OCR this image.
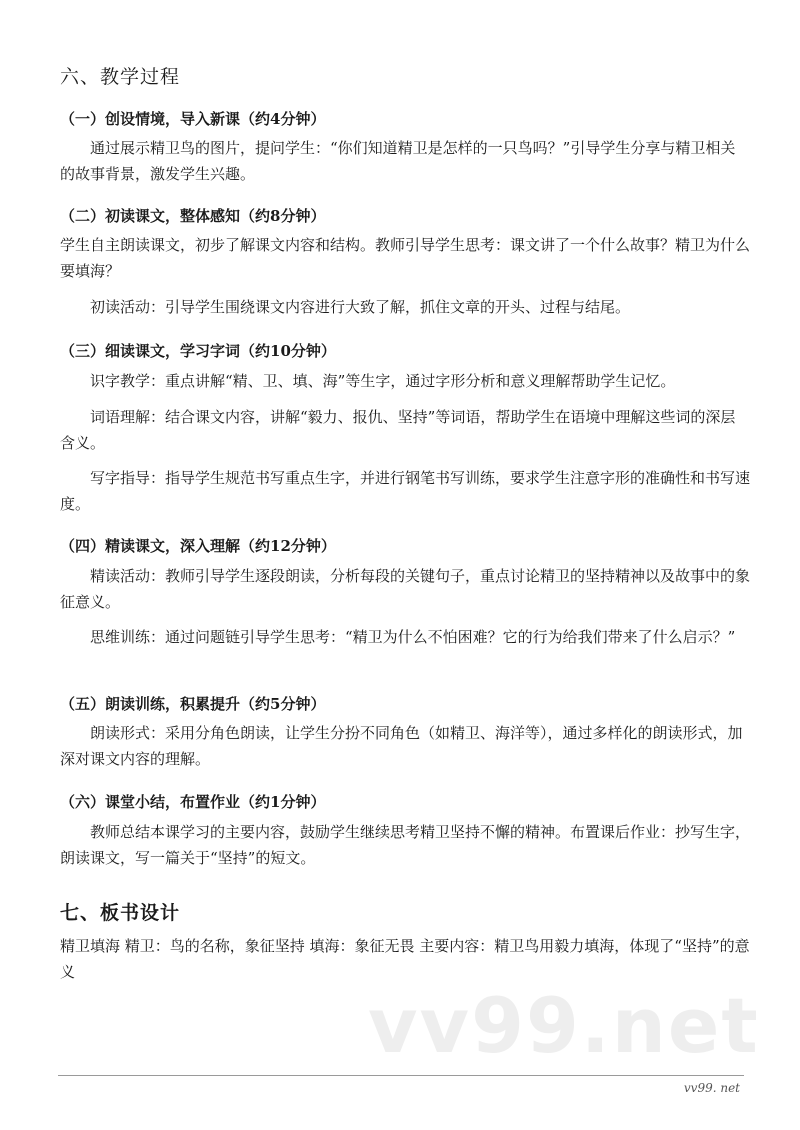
六、教学过程
（一）创设情境，导入新课（约4分钟）

通过展示精卫鸟的图片，提问学生：“你们知道精卫是怎样的一只鸟吗？”引导学生分享与精卫相关的故事背景，激发学生兴趣。

（二）初读课文，整体感知（约8分钟）

学生自主朗读课文，初步了解课文内容和结构。教师引导学生思考：课文讲了一个什么故事？精卫为什么要填海？

初读活动：引导学生围绕课文内容进行大致了解，抓住文章的开头、过程与结尾。

（三）细读课文，学习字词（约10分钟）

识字教学：重点讲解“精、卫、填、海”等生字，通过字形分析和意义理解帮助学生记忆。

词语理解：结合课文内容，讲解“毅力、报仇、坚持”等词语，帮助学生在语境中理解这些词的深层含义。

写字指导：指导学生规范书写重点生字，并进行钢笔书写训练，要求学生注意字形的准确性和书写速度。

（四）精读课文，深入理解（约12分钟）

精读活动：教师引导学生逐段朗读，分析每段的关键句子，重点讨论精卫的坚持精神以及故事中的象征意义。

思维训练：通过问题链引导学生思考：“精卫为什么不怕困难？它的行为给我们带来了什么启示？”

（五）朗读训练，积累提升（约5分钟）

朗读形式：采用分角色朗读，让学生分扮不同角色（如精卫、海洋等），通过多样化的朗读形式，加深对课文内容的理解。

（六）课堂小结，布置作业（约1分钟）

教师总结本课学习的主要内容，鼓励学生继续思考精卫坚持不懈的精神。布置课后作业：抄写生字，朗读课文，写一篇关于“坚持”的短文。

七、板书设计

精卫填海 精卫：鸟的名称，象征坚持 填海：象征无畏 主要内容：精卫鸟用毅力填海，体现了“坚持”的意义

vv99.net
vv99. net
